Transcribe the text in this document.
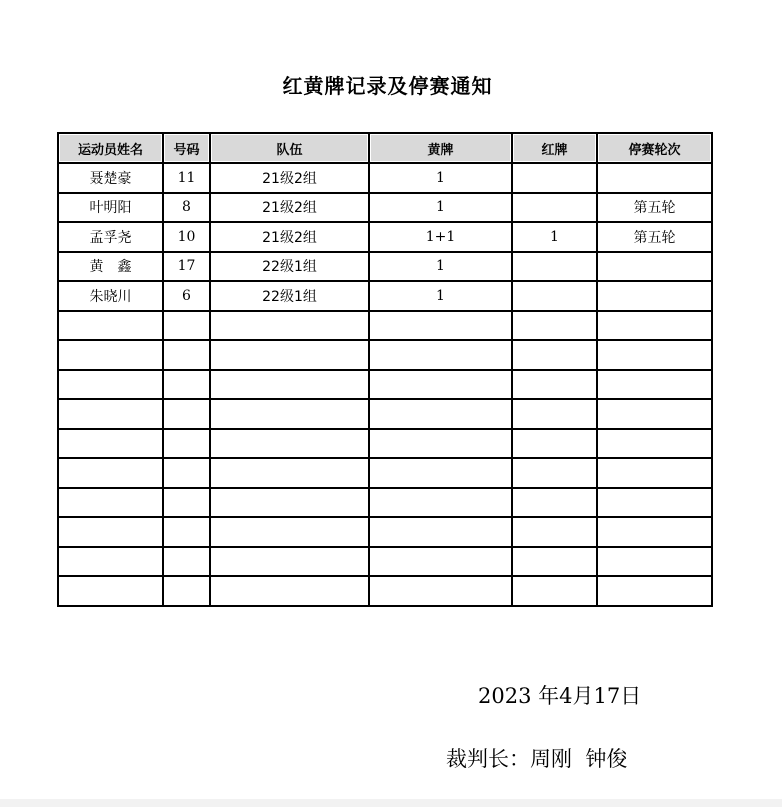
红黄牌记录及停赛通知
运动员姓名	号码	队伍	黄牌	红牌	停赛轮次
聂楚豪	11	21级2组	1		
叶明阳	8	21级2组	1		第五轮
孟孚尧	10	21级2组	1+1	1	第五轮
黄　鑫	17	22级1组	1		
朱晓川	6	22级1组	1		

2023 年4月17日
裁判长：周刚  钟俊
